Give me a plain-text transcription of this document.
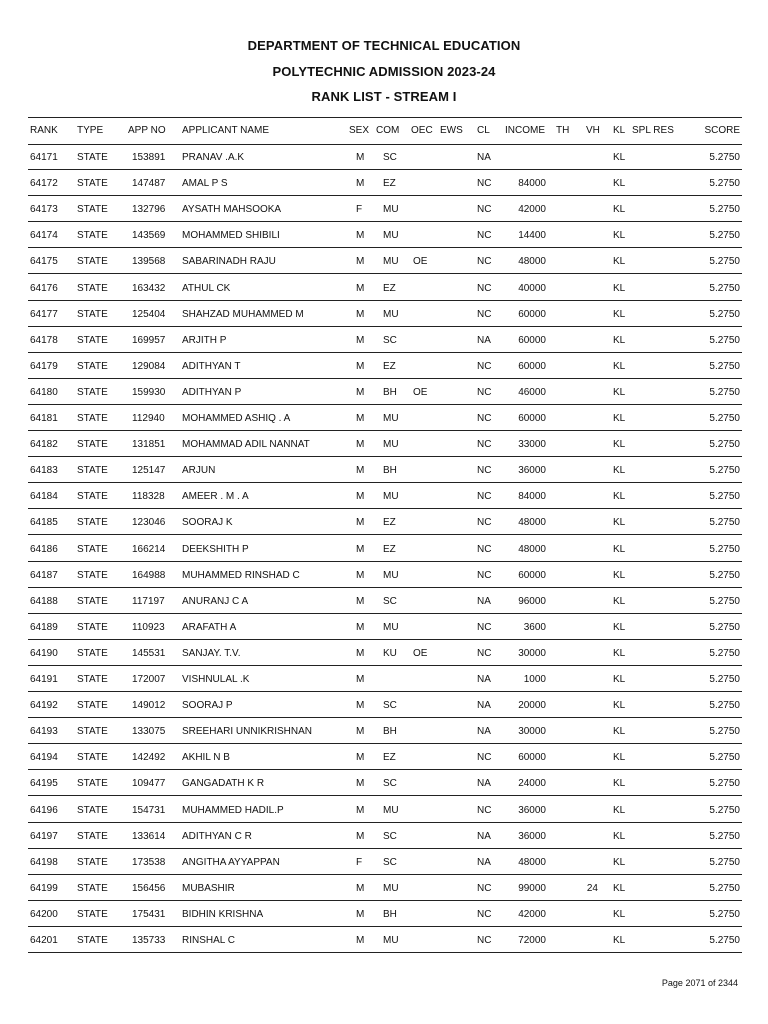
DEPARTMENT OF TECHNICAL EDUCATION
POLYTECHNIC ADMISSION 2023-24
RANK LIST - STREAM I
RANK TYPE APP NO APPLICANT NAME	SEX COM OEC EWS CL INCOME TH VH KL SPL RES	SCORE
64171 STATE 153891 PRANAV .A.K	M SC	NA	KL	5.2750
64172 STATE 147487 AMAL P S	M EZ	NC	84000	KL	5.2750
64173 STATE 132796 AYSATH MAHSOOKA	F MU	NC	42000	KL	5.2750
64174 STATE 143569 MOHAMMED SHIBILI	M MU	NC	14400	KL	5.2750
64175 STATE 139568 SABARINADH RAJU	M MU OE	NC	48000	KL	5.2750
64176 STATE 163432 ATHUL CK	M EZ	NC	40000	KL	5.2750
64177 STATE 125404 SHAHZAD MUHAMMED M	M MU	NC	60000	KL	5.2750
64178 STATE 169957 ARJITH P	M SC	NA	60000	KL	5.2750
64179 STATE 129084 ADITHYAN T	M EZ	NC	60000	KL	5.2750
64180 STATE 159930 ADITHYAN P	M BH OE	NC	46000	KL	5.2750
64181 STATE 112940 MOHAMMED ASHIQ . A	M MU	NC	60000	KL	5.2750
64182 STATE 131851 MOHAMMAD ADIL NANNAT	M MU	NC	33000	KL	5.2750
64183 STATE 125147 ARJUN	M BH	NC	36000	KL	5.2750
64184 STATE 118328 AMEER . M . A	M MU	NC	84000	KL	5.2750
64185 STATE 123046 SOORAJ K	M EZ	NC	48000	KL	5.2750
64186 STATE 166214 DEEKSHITH P	M EZ	NC	48000	KL	5.2750
64187 STATE 164988 MUHAMMED RINSHAD C	M MU	NC	60000	KL	5.2750
64188 STATE 117197 ANURANJ C A	M SC	NA	96000	KL	5.2750
64189 STATE 110923 ARAFATH A	M MU	NC	3600	KL	5.2750
64190 STATE 145531 SANJAY. T.V.	M KU OE	NC	30000	KL	5.2750
64191 STATE 172007 VISHNULAL .K	M	NA	1000	KL	5.2750
64192 STATE 149012 SOORAJ P	M SC	NA	20000	KL	5.2750
64193 STATE 133075 SREEHARI UNNIKRISHNAN	M BH	NA	30000	KL	5.2750
64194 STATE 142492 AKHIL N B	M EZ	NC	60000	KL	5.2750
64195 STATE 109477 GANGADATH K R	M SC	NA	24000	KL	5.2750
64196 STATE 154731 MUHAMMED HADIL.P	M MU	NC	36000	KL	5.2750
64197 STATE 133614 ADITHYAN C R	M SC	NA	36000	KL	5.2750
64198 STATE 173538 ANGITHA AYYAPPAN	F SC	NA	48000	KL	5.2750
64199 STATE 156456 MUBASHIR	M MU	NC	99000	24 KL	5.2750
64200 STATE 175431 BIDHIN KRISHNA	M BH	NC	42000	KL	5.2750
64201 STATE 135733 RINSHAL C	M MU	NC	72000	KL	5.2750
Page 2071 of 2344
